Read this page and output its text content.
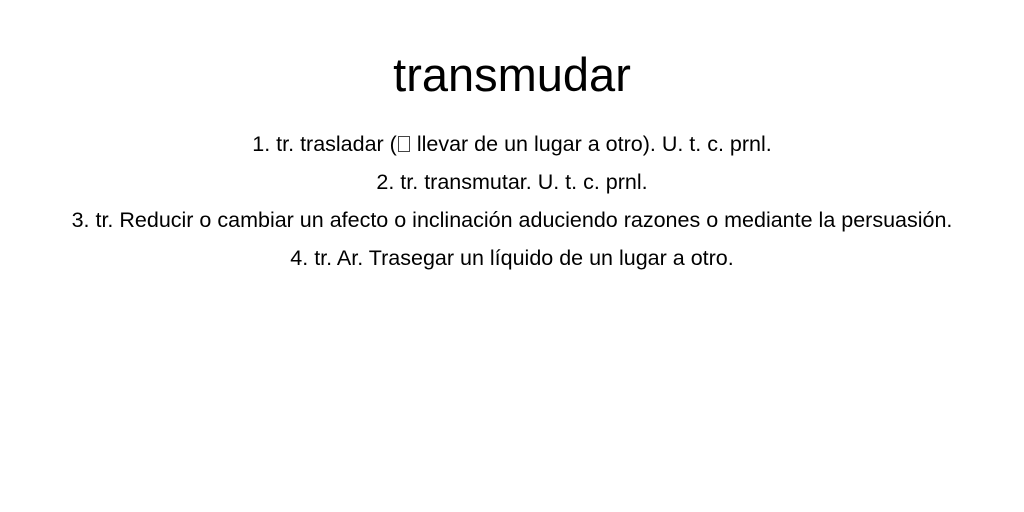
transmudar
1. tr. trasladar ( llevar de un lugar a otro). U. t. c. prnl.
2. tr. transmutar. U. t. c. prnl.
3. tr. Reducir o cambiar un afecto o inclinación aduciendo razones o mediante la persuasión.
4. tr. Ar. Trasegar un líquido de un lugar a otro.
